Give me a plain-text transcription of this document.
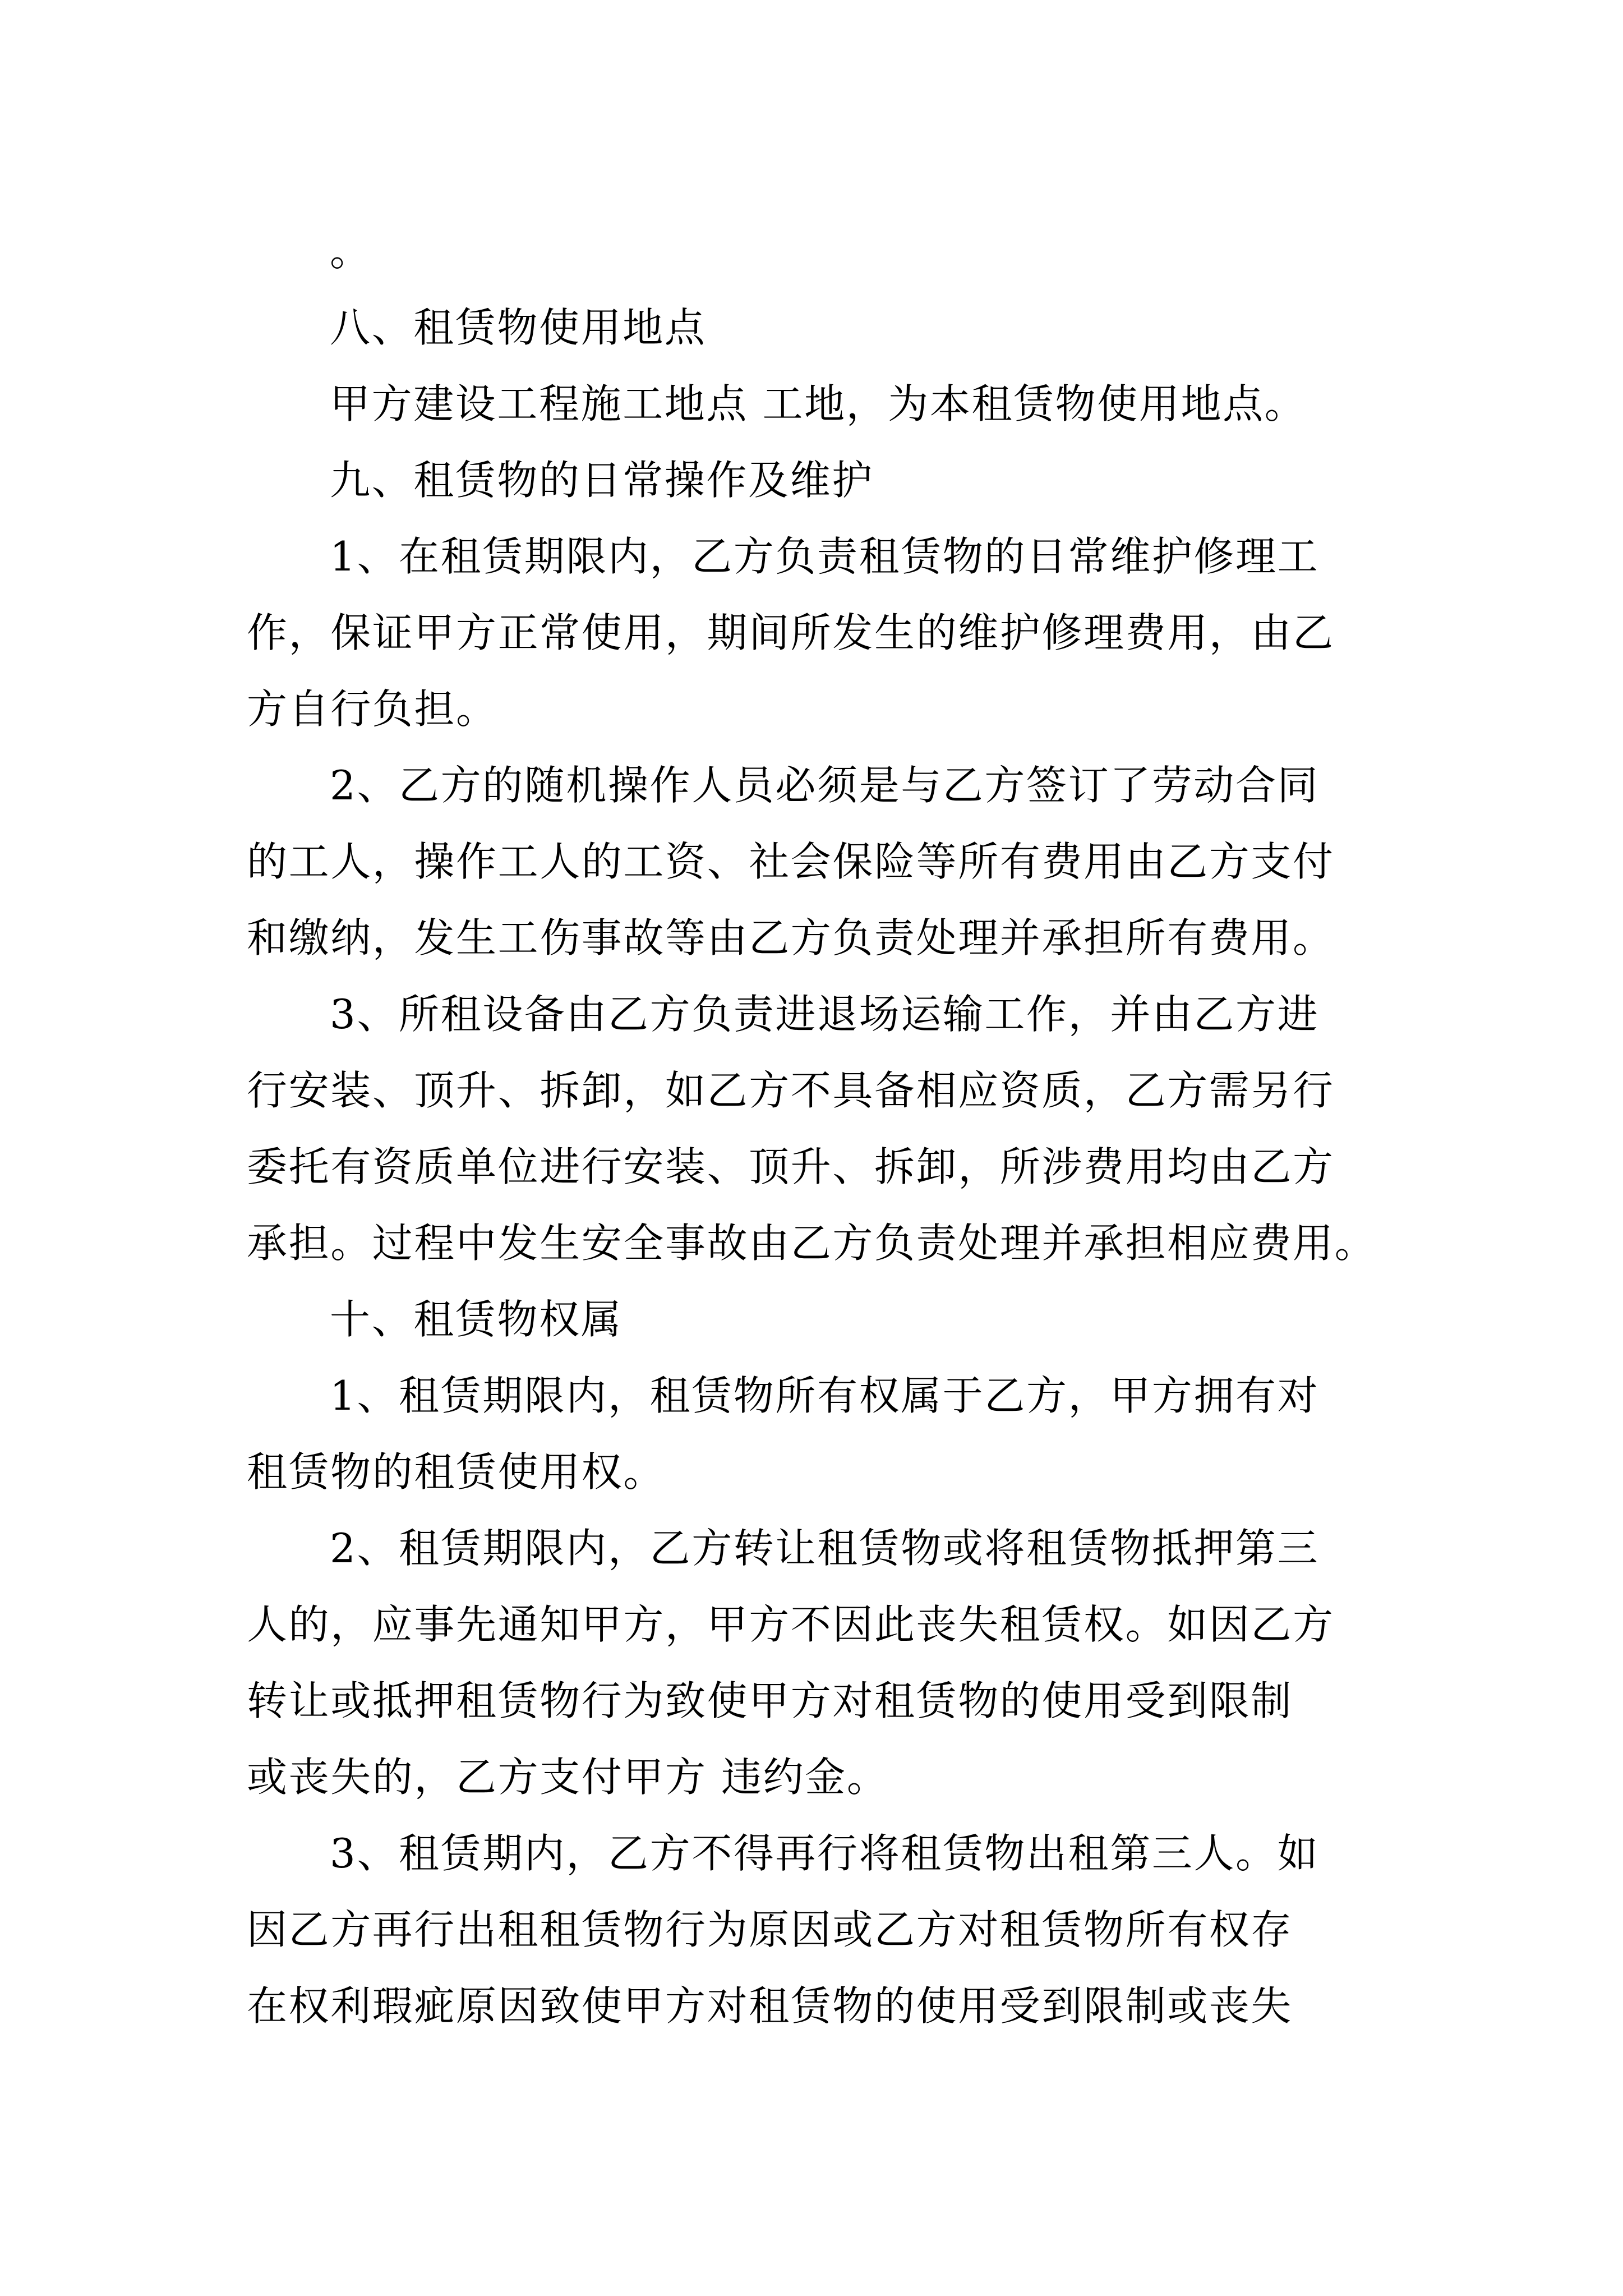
。
八、租赁物使用地点
甲方建设工程施工地点 工地，为本租赁物使用地点。
九、租赁物的日常操作及维护
1、在租赁期限内，乙方负责租赁物的日常维护修理工
作，保证甲方正常使用，期间所发生的维护修理费用，由乙
方自行负担。
2、乙方的随机操作人员必须是与乙方签订了劳动合同
的工人，操作工人的工资、社会保险等所有费用由乙方支付
和缴纳，发生工伤事故等由乙方负责处理并承担所有费用。
3、所租设备由乙方负责进退场运输工作，并由乙方进
行安装、顶升、拆卸，如乙方不具备相应资质，乙方需另行
委托有资质单位进行安装、顶升、拆卸，所涉费用均由乙方
承担。过程中发生安全事故由乙方负责处理并承担相应费用。
十、租赁物权属
1、租赁期限内，租赁物所有权属于乙方，甲方拥有对
租赁物的租赁使用权。
2、租赁期限内，乙方转让租赁物或将租赁物抵押第三
人的，应事先通知甲方，甲方不因此丧失租赁权。如因乙方
转让或抵押租赁物行为致使甲方对租赁物的使用受到限制
或丧失的，乙方支付甲方 违约金。
3、租赁期内，乙方不得再行将租赁物出租第三人。如
因乙方再行出租租赁物行为原因或乙方对租赁物所有权存
在权利瑕疵原因致使甲方对租赁物的使用受到限制或丧失
